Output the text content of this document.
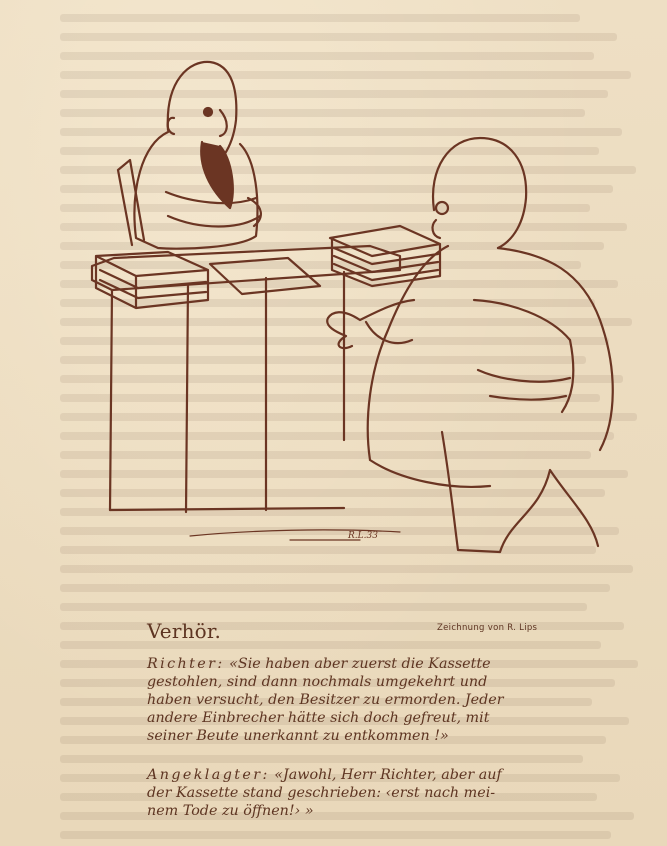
R.L.33
Verhör.	Zeichnung von R. Lips
Richter: «Sie haben aber zuerst die Kassette
gestohlen, sind dann nochmals umgekehrt und
haben versucht, den Besitzer zu ermorden. Jeder
andere Einbrecher hätte sich doch gefreut, mit
seiner Beute unerkannt zu entkommen !»
Angeklagter: «Jawohl, Herr Richter, aber auf
der Kassette stand geschrieben: ‹erst nach mei-
nem Tode zu öffnen!› »
